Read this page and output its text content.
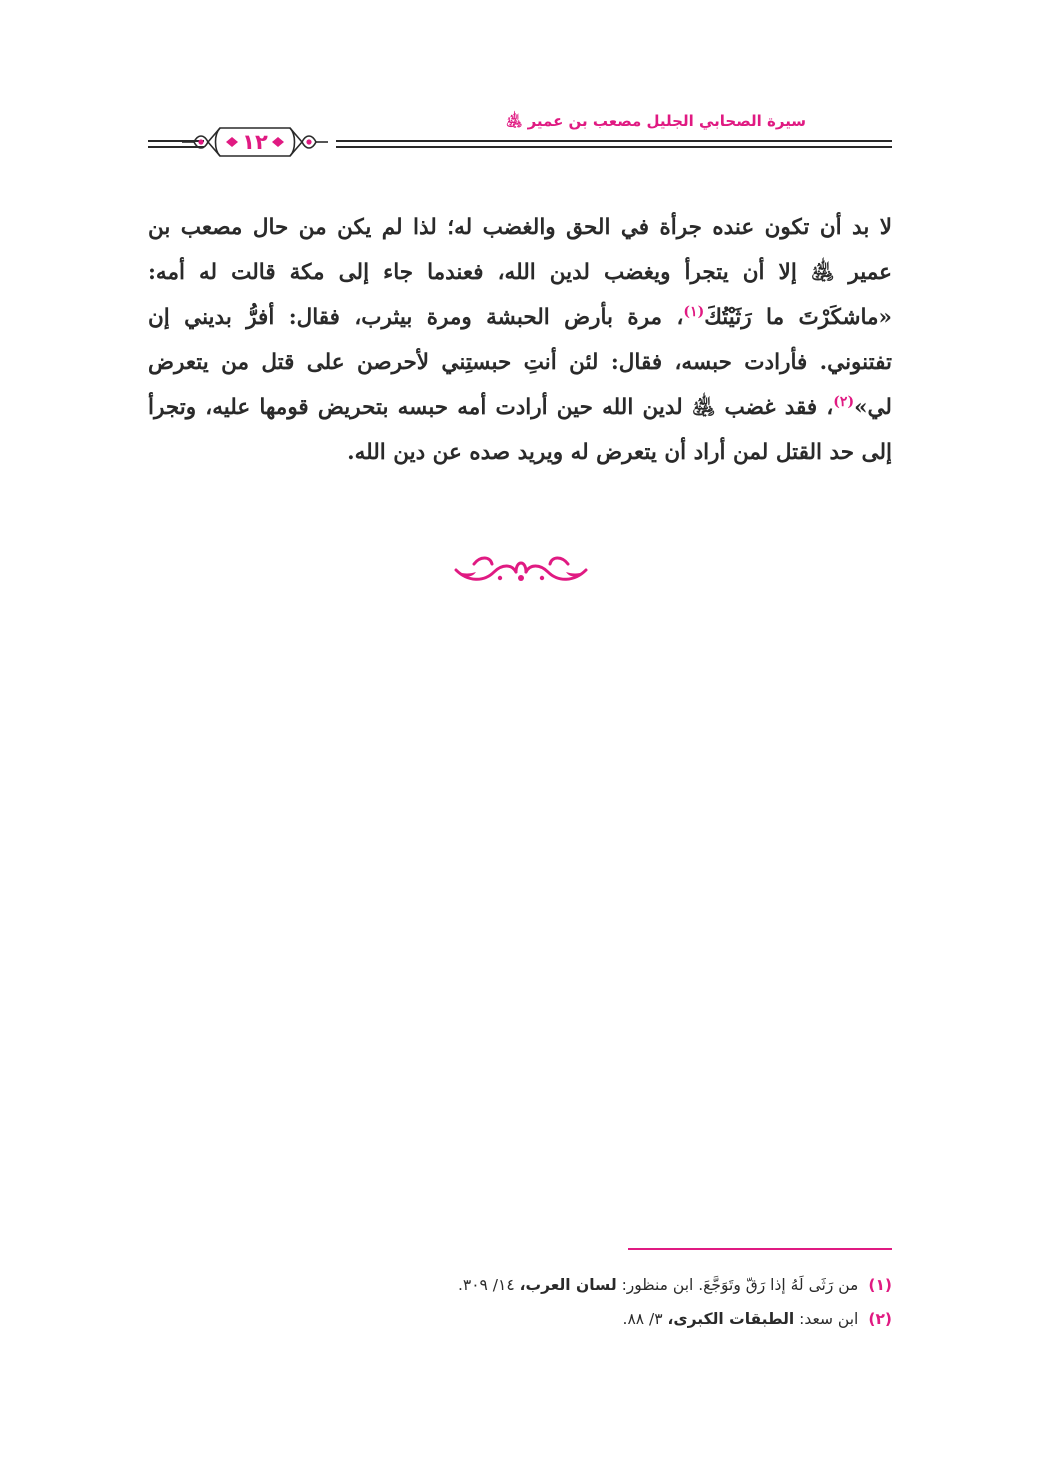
سيرة الصحابي الجليل مصعب بن عمير ﵁
١٢
لا بد أن تكون عنده جرأة في الحق والغضب له؛ لذا لم يكن من حال مصعب بن عمير ﵁ إلا أن يتجرأ ويغضب لدين الله، فعندما جاء إلى مكة قالت له أمه: «ماشكَرْتَ ما رَثَيْتُكَ$^{(١)}$، مرة بأرض الحبشة ومرة بيثرب، فقال: أفرُّ بديني إن تفتنوني. فأرادت حبسه، فقال: لئن أنتِ حبستِني لأحرصن على قتل من يتعرض لي»$^{(٢)}$، فقد غضب ﵁ لدين الله حين أرادت أمه حبسه بتحريض قومها عليه، وتجرأ إلى حد القتل لمن أراد أن يتعرض له ويريد صده عن دين الله.
(١)من رَثَى لَهُ إذا رَقّ وتَوَجَّعَ. ابن منظور: لسان العرب، ١٤/ ٣٠٩.
(٢)ابن سعد: الطبقات الكبرى، ٣/ ٨٨.
